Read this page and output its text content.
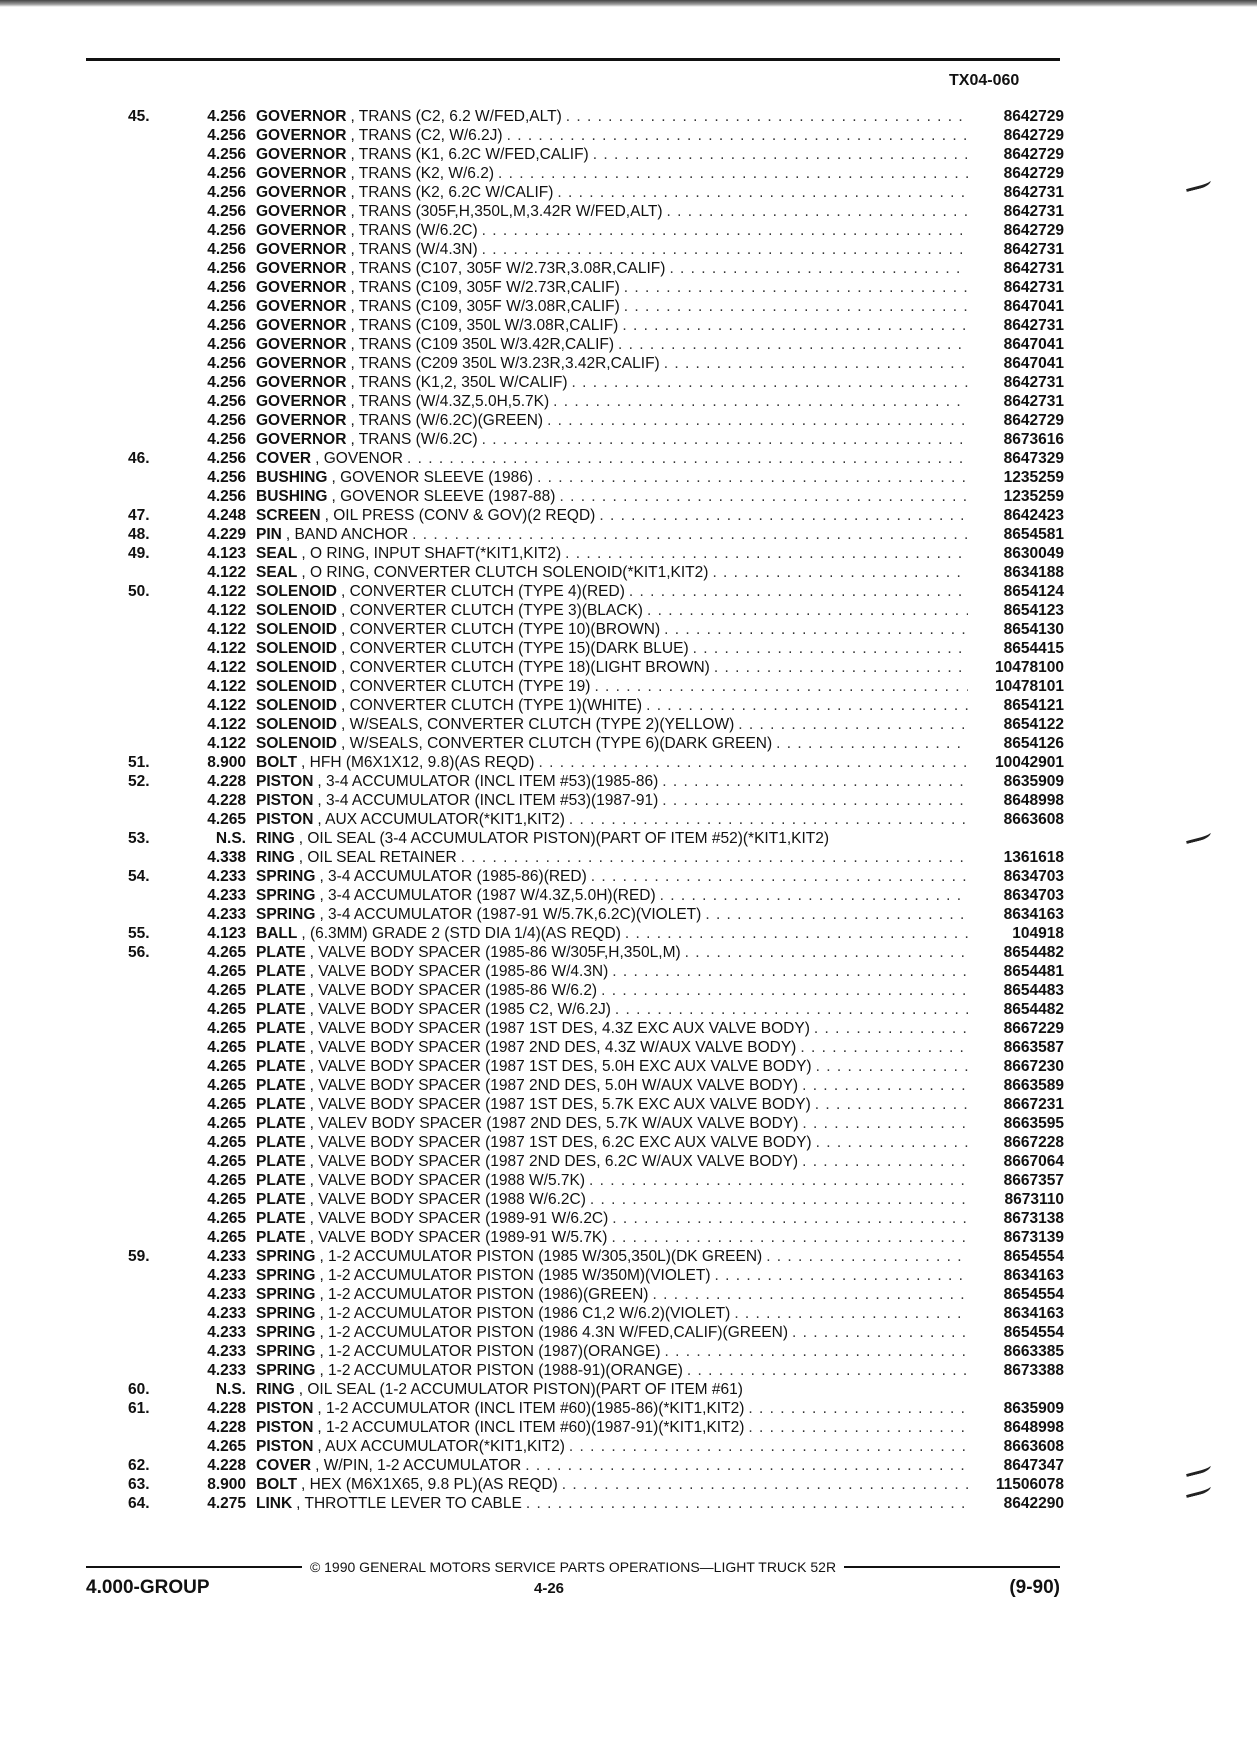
TX04-060
45.	4.256 GOVERNOR , TRANS (C2, 6.2 W/FED,ALT) . . .	8642729
4.256 GOVERNOR , TRANS (C2, W/6.2J) . . .	8642729
4.256 GOVERNOR , TRANS (K1, 6.2C W/FED,CALIF) . . .	8642729
4.256 GOVERNOR , TRANS (K2, W/6.2) . . .	8642729
4.256 GOVERNOR , TRANS (K2, 6.2C W/CALIF) . . .	8642731
4.256 GOVERNOR , TRANS (305F,H,350L,M,3.42R W/FED,ALT) . . .	8642731
4.256 GOVERNOR , TRANS (W/6.2C) . . .	8642729
4.256 GOVERNOR , TRANS (W/4.3N) . . .	8642731
4.256 GOVERNOR , TRANS (C107, 305F W/2.73R,3.08R,CALIF) . . .	8642731
4.256 GOVERNOR , TRANS (C109, 305F W/2.73R,CALIF) . . .	8642731
4.256 GOVERNOR , TRANS (C109, 305F W/3.08R,CALIF) . . .	8647041
4.256 GOVERNOR , TRANS (C109, 350L W/3.08R,CALIF) . . .	8642731
4.256 GOVERNOR , TRANS (C109 350L W/3.42R,CALIF) . . .	8647041
4.256 GOVERNOR , TRANS (C209 350L W/3.23R,3.42R,CALIF) . . .	8647041
4.256 GOVERNOR , TRANS (K1,2, 350L W/CALIF) . . .	8642731
4.256 GOVERNOR , TRANS (W/4.3Z,5.0H,5.7K) . . .	8642731
4.256 GOVERNOR , TRANS (W/6.2C)(GREEN) . . .	8642729
4.256 GOVERNOR , TRANS (W/6.2C) . . .	8673616
46.	4.256 COVER , GOVENOR . . .	8647329
4.256 BUSHING , GOVENOR SLEEVE (1986) . . .	1235259
4.256 BUSHING , GOVENOR SLEEVE (1987-88) . . .	1235259
47.	4.248 SCREEN , OIL PRESS (CONV & GOV)(2 REQD) . . .	8642423
48.	4.229 PIN , BAND ANCHOR . . .	8654581
49.	4.123 SEAL , O RING, INPUT SHAFT(*KIT1,KIT2) . . .	8630049
4.122 SEAL , O RING, CONVERTER CLUTCH SOLENOID(*KIT1,KIT2) . . .	8634188
50.	4.122 SOLENOID , CONVERTER CLUTCH (TYPE 4)(RED) . . .	8654124
4.122 SOLENOID , CONVERTER CLUTCH (TYPE 3)(BLACK) . . .	8654123
4.122 SOLENOID , CONVERTER CLUTCH (TYPE 10)(BROWN) . . .	8654130
4.122 SOLENOID , CONVERTER CLUTCH (TYPE 15)(DARK BLUE) . . .	8654415
4.122 SOLENOID , CONVERTER CLUTCH (TYPE 18)(LIGHT BROWN) . . .	10478100
4.122 SOLENOID , CONVERTER CLUTCH (TYPE 19) . . .	10478101
4.122 SOLENOID , CONVERTER CLUTCH (TYPE 1)(WHITE) . . .	8654121
4.122 SOLENOID , W/SEALS, CONVERTER CLUTCH (TYPE 2)(YELLOW) . . .	8654122
4.122 SOLENOID , W/SEALS, CONVERTER CLUTCH (TYPE 6)(DARK GREEN) . . .	8654126
51.	8.900 BOLT , HFH (M6X1X12, 9.8)(AS REQD) . . .	10042901
52.	4.228 PISTON , 3-4 ACCUMULATOR (INCL ITEM #53)(1985-86) . . .	8635909
4.228 PISTON , 3-4 ACCUMULATOR (INCL ITEM #53)(1987-91) . . .	8648998
4.265 PISTON , AUX ACCUMULATOR(*KIT1,KIT2) . . .	8663608
53.	N.S. RING , OIL SEAL (3-4 ACCUMULATOR PISTON)(PART OF ITEM #52)(*KIT1,KIT2)
4.338 RING , OIL SEAL RETAINER . . .	1361618
54.	4.233 SPRING , 3-4 ACCUMULATOR (1985-86)(RED) . . .	8634703
4.233 SPRING , 3-4 ACCUMULATOR (1987 W/4.3Z,5.0H)(RED) . . .	8634703
4.233 SPRING , 3-4 ACCUMULATOR (1987-91 W/5.7K,6.2C)(VIOLET) . . .	8634163
55.	4.123 BALL , (6.3MM) GRADE 2 (STD DIA 1/4)(AS REQD) . . .	104918
56.	4.265 PLATE , VALVE BODY SPACER (1985-86 W/305F,H,350L,M) . . .	8654482
4.265 PLATE , VALVE BODY SPACER (1985-86 W/4.3N) . . .	8654481
4.265 PLATE , VALVE BODY SPACER (1985-86 W/6.2) . . .	8654483
4.265 PLATE , VALVE BODY SPACER (1985 C2, W/6.2J) . . .	8654482
4.265 PLATE , VALVE BODY SPACER (1987 1ST DES, 4.3Z EXC AUX VALVE BODY) . . .	8667229
4.265 PLATE , VALVE BODY SPACER (1987 2ND DES, 4.3Z W/AUX VALVE BODY) . . .	8663587
4.265 PLATE , VALVE BODY SPACER (1987 1ST DES, 5.0H EXC AUX VALVE BODY) . . .	8667230
4.265 PLATE , VALVE BODY SPACER (1987 2ND DES, 5.0H W/AUX VALVE BODY) . . .	8663589
4.265 PLATE , VALVE BODY SPACER (1987 1ST DES, 5.7K EXC AUX VALVE BODY) . . .	8667231
4.265 PLATE , VALEV BODY SPACER (1987 2ND DES, 5.7K W/AUX VALVE BODY) . . .	8663595
4.265 PLATE , VALVE BODY SPACER (1987 1ST DES, 6.2C EXC AUX VALVE BODY) . . .	8667228
4.265 PLATE , VALVE BODY SPACER (1987 2ND DES, 6.2C W/AUX VALVE BODY) . . .	8667064
4.265 PLATE , VALVE BODY SPACER (1988 W/5.7K) . . .	8667357
4.265 PLATE , VALVE BODY SPACER (1988 W/6.2C) . . .	8673110
4.265 PLATE , VALVE BODY SPACER (1989-91 W/6.2C) . . .	8673138
4.265 PLATE , VALVE BODY SPACER (1989-91 W/5.7K) . . .	8673139
59.	4.233 SPRING , 1-2 ACCUMULATOR PISTON (1985 W/305,350L)(DK GREEN) . . .	8654554
4.233 SPRING , 1-2 ACCUMULATOR PISTON (1985 W/350M)(VIOLET) . . .	8634163
4.233 SPRING , 1-2 ACCUMULATOR PISTON (1986)(GREEN) . . .	8654554
4.233 SPRING , 1-2 ACCUMULATOR PISTON (1986 C1,2 W/6.2)(VIOLET) . . .	8634163
4.233 SPRING , 1-2 ACCUMULATOR PISTON (1986 4.3N W/FED,CALIF)(GREEN) . . .	8654554
4.233 SPRING , 1-2 ACCUMULATOR PISTON (1987)(ORANGE) . . .	8663385
4.233 SPRING , 1-2 ACCUMULATOR PISTON (1988-91)(ORANGE) . . .	8673388
60.	N.S. RING , OIL SEAL (1-2 ACCUMULATOR PISTON)(PART OF ITEM #61)
61.	4.228 PISTON , 1-2 ACCUMULATOR (INCL ITEM #60)(1985-86)(*KIT1,KIT2) . . .	8635909
4.228 PISTON , 1-2 ACCUMULATOR (INCL ITEM #60)(1987-91)(*KIT1,KIT2) . . .	8648998
4.265 PISTON , AUX ACCUMULATOR(*KIT1,KIT2) . . .	8663608
62.	4.228 COVER , W/PIN, 1-2 ACCUMULATOR . . .	8647347
63.	8.900 BOLT , HEX (M6X1X65, 9.8 PL)(AS REQD) . . .	11506078
64.	4.275 LINK , THROTTLE LEVER TO CABLE . . .	8642290
© 1990 GENERAL MOTORS SERVICE PARTS OPERATIONS—LIGHT TRUCK 52R
4.000-GROUP	4-26	(9-90)
